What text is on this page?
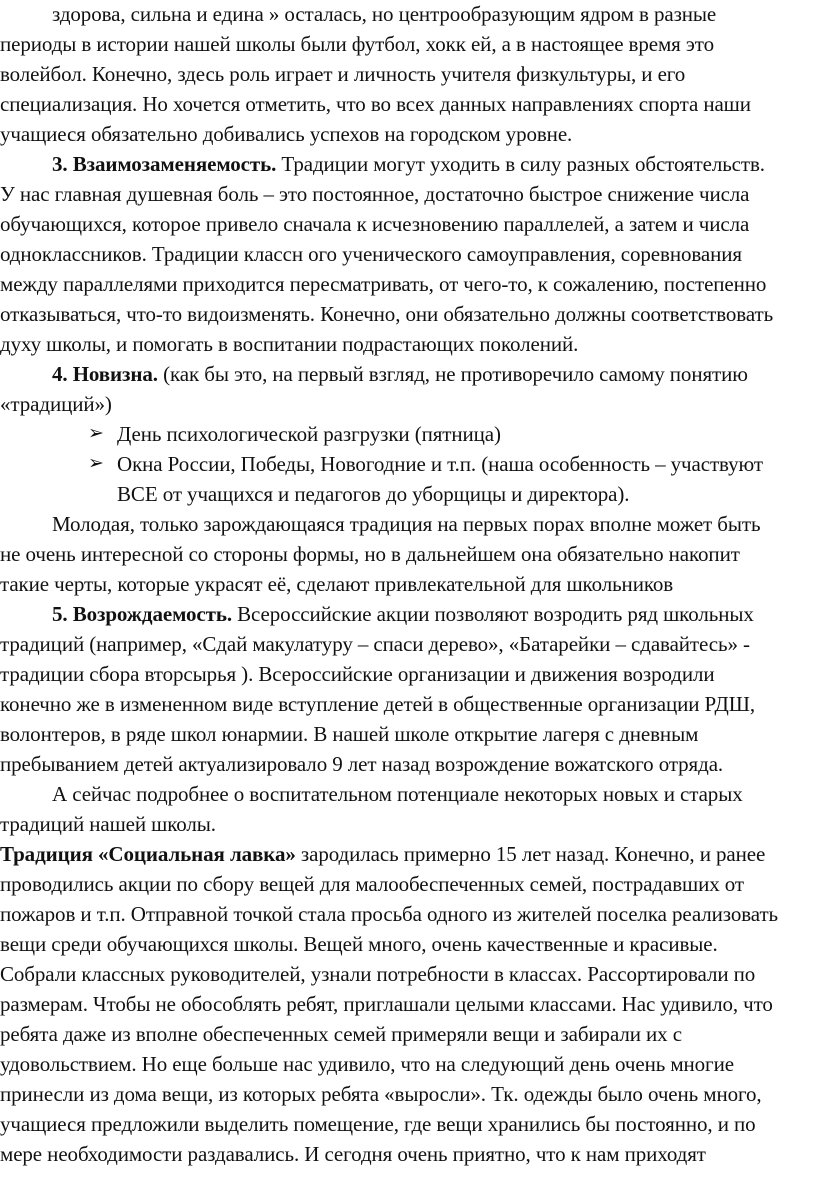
здорова, сильна и едина » осталась, но центрообразующим ядром в разные
периоды в истории нашей школы были футбол, хокк ей, а в настоящее время это
волейбол. Конечно, здесь роль играет и личность учителя физкультуры, и его
специализация. Но хочется отметить, что во всех данных направлениях спорта наши
учащиеся обязательно добивались успехов на городском уровне.
3. Взаимозаменяемость. Традиции могут уходить в силу разных обстоятельств.
У нас главная душевная боль – это постоянное, достаточно быстрое снижение числа
обучающихся, которое привело сначала к исчезновению параллелей, а затем и числа
одноклассников. Традиции классн ого ученического самоуправления, соревнования
между параллелями приходится пересматривать, от чего-то, к сожалению, постепенно
отказываться, что-то видоизменять. Конечно, они обязательно должны соответствовать
духу школы, и помогать в воспитании подрастающих поколений.
4. Новизна. (как бы это, на первый взгляд, не противоречило самому понятию
«традиций»)
➢ День психологической разгрузки (пятница)
➢ Окна России, Победы, Новогодние и т.п. (наша особенность – участвуют
ВСЕ от учащихся и педагогов до уборщицы и директора).
Молодая, только зарождающаяся традиция на первых порах вполне может быть
не очень интересной со стороны формы, но в дальнейшем она обязательно накопит
такие черты, которые украсят её, сделают привлекательной для школьников
5. Возрождаемость. Всероссийские акции позволяют возродить ряд школьных
традиций (например, «Сдай макулатуру – спаси дерево», «Батарейки – сдавайтесь» -
традиции сбора вторсырья ). Всероссийские организации и движения возродили
конечно же в измененном виде вступление детей в общественные организации РДШ,
волонтеров, в ряде школ юнармии. В нашей школе открытие лагеря с дневным
пребыванием детей актуализировало 9 лет назад возрождение вожатского отряда.
А сейчас подробнее о воспитательном потенциале некоторых новых и старых
традиций нашей школы.
Традиция «Социальная лавка» зародилась примерно 15 лет назад. Конечно, и ранее
проводились акции по сбору вещей для малообеспеченных семей, пострадавших от
пожаров и т.п. Отправной точкой стала просьба одного из жителей поселка реализовать
вещи среди обучающихся школы. Вещей много, очень качественные и красивые.
Собрали классных руководителей, узнали потребности в классах. Рассортировали по
размерам. Чтобы не обособлять ребят, приглашали целыми классами. Нас удивило, что
ребята даже из вполне обеспеченных семей примеряли вещи и забирали их с
удовольствием. Но еще больше нас удивило, что на следующий день очень многие
принесли из дома вещи, из которых ребята «выросли». Тк. одежды было очень много,
учащиеся предложили выделить помещение, где вещи хранились бы постоянно, и по
мере необходимости раздавались. И сегодня очень приятно, что к нам приходят
